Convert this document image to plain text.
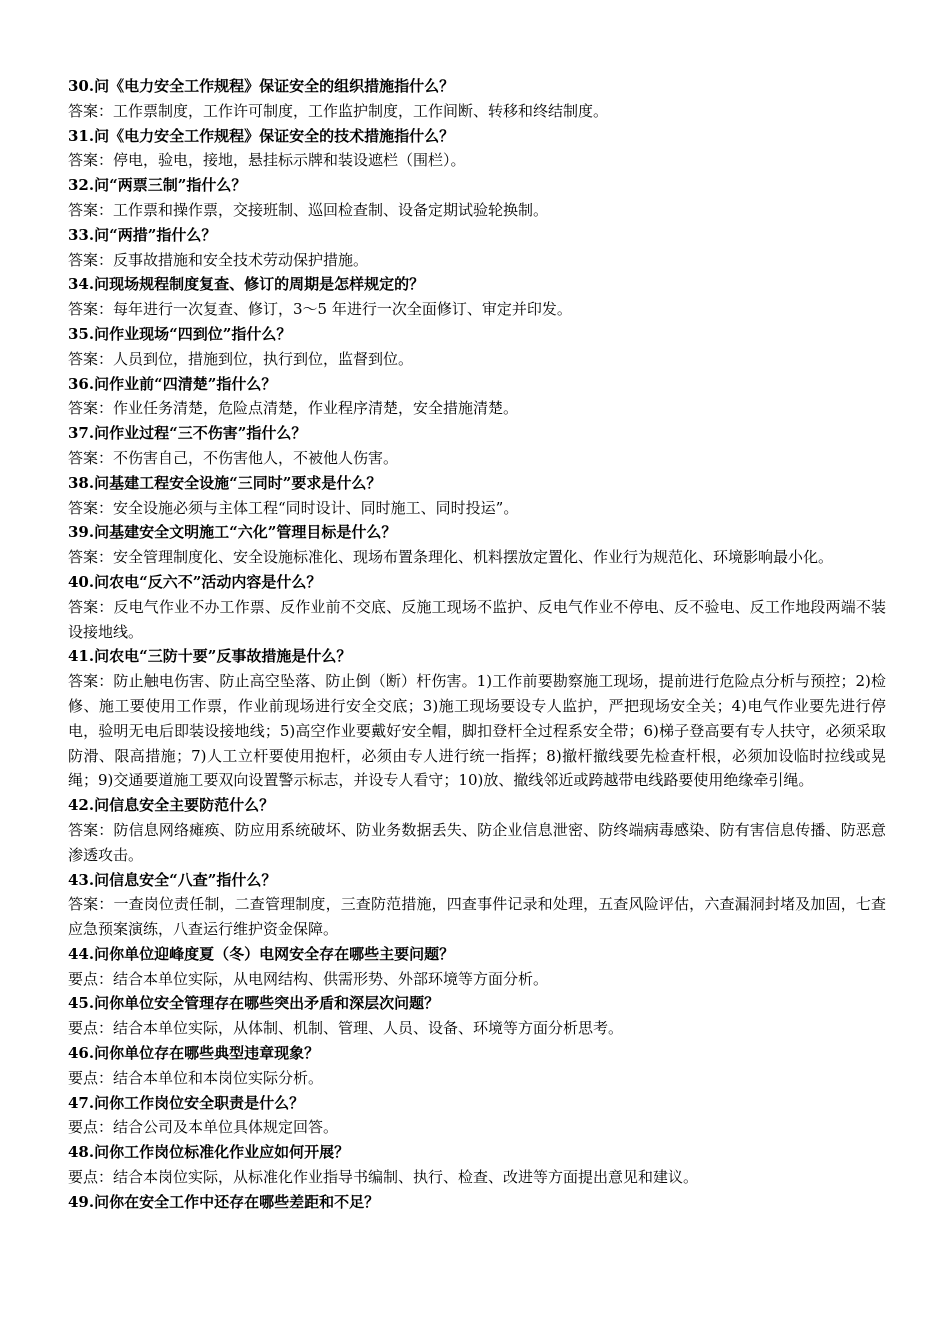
30.问《电力安全工作规程》保证安全的组织措施指什么？
答案：工作票制度，工作许可制度，工作监护制度，工作间断、转移和终结制度。
31.问《电力安全工作规程》保证安全的技术措施指什么？
答案：停电，验电，接地，悬挂标示牌和装设遮栏（围栏）。
32.问“两票三制”指什么？
答案：工作票和操作票，交接班制、巡回检查制、设备定期试验轮换制。
33.问“两措”指什么？
答案：反事故措施和安全技术劳动保护措施。
34.问现场规程制度复查、修订的周期是怎样规定的？
答案：每年进行一次复查、修订，3～5 年进行一次全面修订、审定并印发。
35.问作业现场“四到位”指什么？
答案：人员到位，措施到位，执行到位，监督到位。
36.问作业前“四清楚”指什么？
答案：作业任务清楚，危险点清楚，作业程序清楚，安全措施清楚。
37.问作业过程“三不伤害”指什么？
答案：不伤害自己，不伤害他人，不被他人伤害。
38.问基建工程安全设施“三同时”要求是什么？
答案：安全设施必须与主体工程“同时设计、同时施工、同时投运”。
39.问基建安全文明施工“六化”管理目标是什么？
答案：安全管理制度化、安全设施标准化、现场布置条理化、机料摆放定置化、作业行为规范化、环境影响最小化。
40.问农电“反六不”活动内容是什么？
答案：反电气作业不办工作票、反作业前不交底、反施工现场不监护、反电气作业不停电、反不验电、反工作地段两端不装设接地线。
41.问农电“三防十要”反事故措施是什么？
答案：防止触电伤害、防止高空坠落、防止倒（断）杆伤害。1)工作前要勘察施工现场，提前进行危险点分析与预控；2)检修、施工要使用工作票，作业前现场进行安全交底；3)施工现场要设专人监护，严把现场安全关；4)电气作业要先进行停电，验明无电后即装设接地线；5)高空作业要戴好安全帽，脚扣登杆全过程系安全带；6)梯子登高要有专人扶守，必须采取防滑、限高措施；7)人工立杆要使用抱杆，必须由专人进行统一指挥；8)撤杆撤线要先检查杆根，必须加设临时拉线或晃绳；9)交通要道施工要双向设置警示标志，并设专人看守；10)放、撤线邻近或跨越带电线路要使用绝缘牵引绳。
42.问信息安全主要防范什么？
答案：防信息网络瘫痪、防应用系统破坏、防业务数据丢失、防企业信息泄密、防终端病毒感染、防有害信息传播、防恶意渗透攻击。
43.问信息安全“八查”指什么？
答案：一查岗位责任制，二查管理制度，三查防范措施，四查事件记录和处理，五查风险评估，六查漏洞封堵及加固，七查应急预案演练，八查运行维护资金保障。
44.问你单位迎峰度夏（冬）电网安全存在哪些主要问题？
要点：结合本单位实际，从电网结构、供需形势、外部环境等方面分析。
45.问你单位安全管理存在哪些突出矛盾和深层次问题？
要点：结合本单位实际，从体制、机制、管理、人员、设备、环境等方面分析思考。
46.问你单位存在哪些典型违章现象？
要点：结合本单位和本岗位实际分析。
47.问你工作岗位安全职责是什么？
要点：结合公司及本单位具体规定回答。
48.问你工作岗位标准化作业应如何开展？
要点：结合本岗位实际，从标准化作业指导书编制、执行、检查、改进等方面提出意见和建议。
49.问你在安全工作中还存在哪些差距和不足？
